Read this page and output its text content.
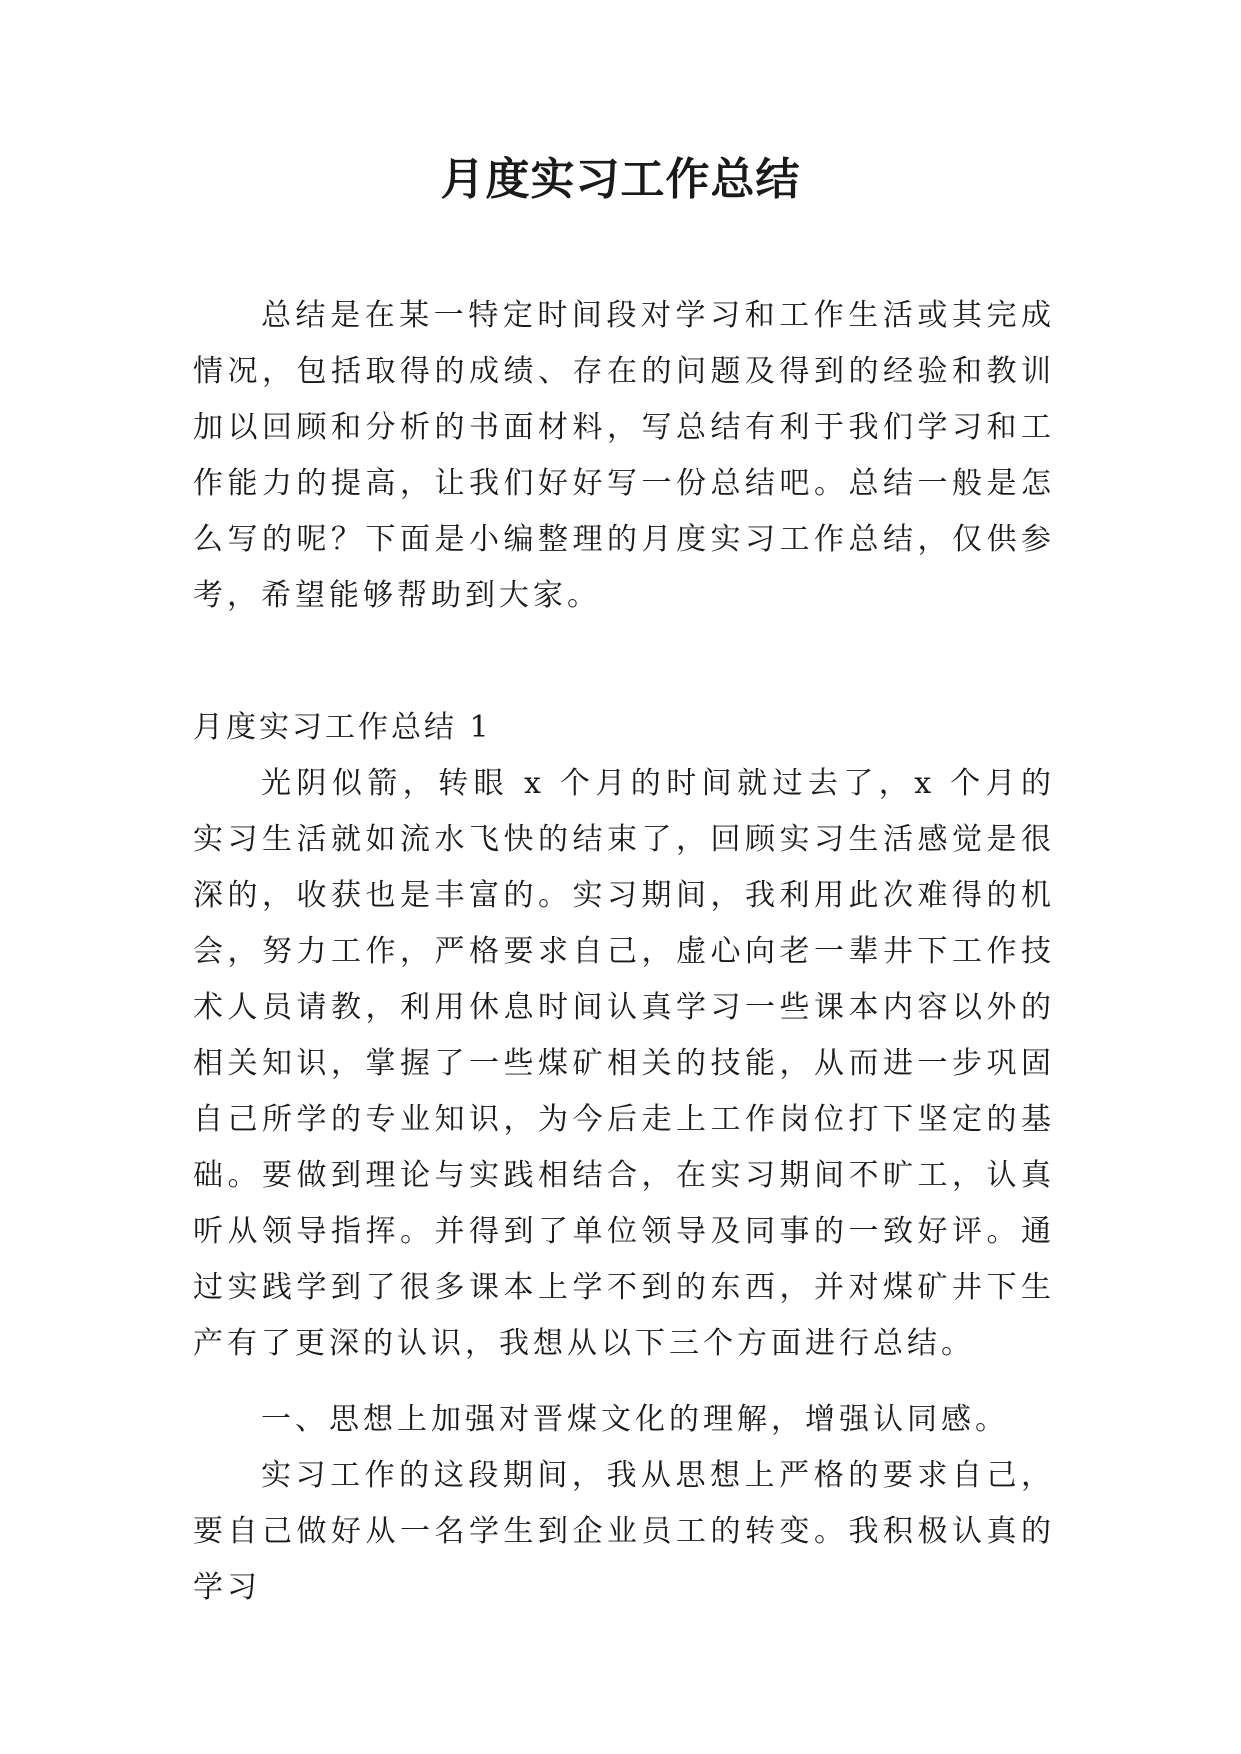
月度实习工作总结

总结是在某一特定时间段对学习和工作生活或其完成情况，包括取得的成绩、存在的问题及得到的经验和教训加以回顾和分析的书面材料，写总结有利于我们学习和工作能力的提高，让我们好好写一份总结吧。总结一般是怎么写的呢？下面是小编整理的月度实习工作总结，仅供参考，希望能够帮助到大家。

月度实习工作总结 1

光阴似箭，转眼 x 个月的时间就过去了，x 个月的实习生活就如流水飞快的结束了，回顾实习生活感觉是很深的，收获也是丰富的。实习期间，我利用此次难得的机会，努力工作，严格要求自己，虚心向老一辈井下工作技术人员请教，利用休息时间认真学习一些课本内容以外的相关知识，掌握了一些煤矿相关的技能，从而进一步巩固自己所学的专业知识，为今后走上工作岗位打下坚定的基础。要做到理论与实践相结合，在实习期间不旷工，认真听从领导指挥。并得到了单位领导及同事的一致好评。通过实践学到了很多课本上学不到的东西，并对煤矿井下生产有了更深的认识，我想从以下三个方面进行总结。

一、思想上加强对晋煤文化的理解，增强认同感。

实习工作的这段期间，我从思想上严格的要求自己，要自己做好从一名学生到企业员工的转变。我积极认真的学习
